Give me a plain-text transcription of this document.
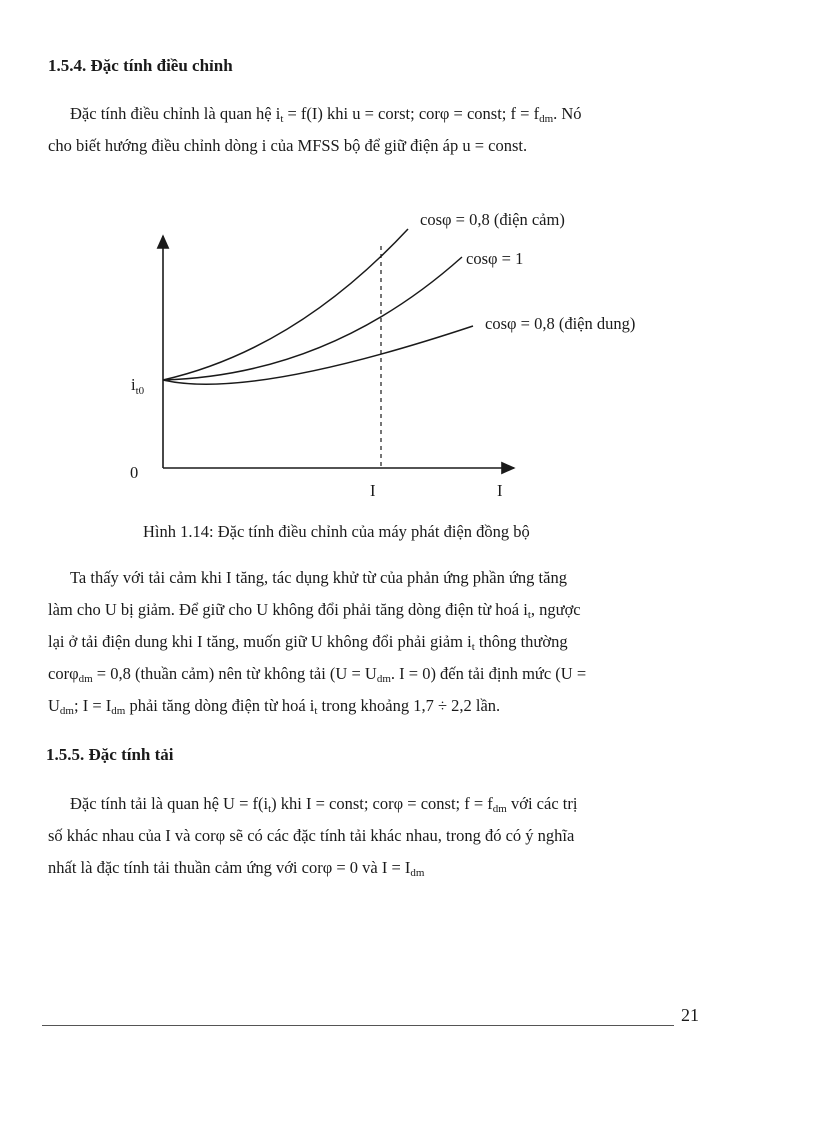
1.5.4. Đặc tính điều chỉnh
Đặc tính điều chỉnh là quan hệ $i_t = f(I)$ khi u = corst; corφ = const; $f = f_{dm}$. Nó
cho biết hướng điều chỉnh dòng i của MFSS bộ để giữ điện áp u = const.
cosφ = 0,8 (điện cảm)
cosφ = 1
cosφ = 0,8 (điện dung)
$i_{t0}$
0
I	I
Hình 1.14: Đặc tính điều chỉnh của máy phát điện đồng bộ
Ta thấy với tải cảm khi I tăng, tác dụng khử từ của phản ứng phần ứng tăng
làm cho U bị giảm. Để giữ cho U không đổi phải tăng dòng điện từ hoá $i_t$, ngược
lại ở tải điện dung khi I tăng, muốn giữ U không đổi phải giảm $i_t$ thông thường
corφ$_{dm}$ = 0,8 (thuần cảm) nên từ không tải ($U = U_{dm}$. I = 0) đến tải định mức (U =
$U_{dm}$; $I = I_{dm}$ phải tăng dòng điện từ hoá $i_t$ trong khoảng 1,7 ÷ 2,2 lần.
1.5.5. Đặc tính tải
Đặc tính tải là quan hệ $U = f(i_t)$ khi I = const; corφ = const; $f = f_{dm}$ với các trị
số khác nhau của I và corφ sẽ có các đặc tính tải khác nhau, trong đó có ý nghĩa
nhất là đặc tính tải thuần cảm ứng với corφ = 0 và $I = I_{dm}$
21
